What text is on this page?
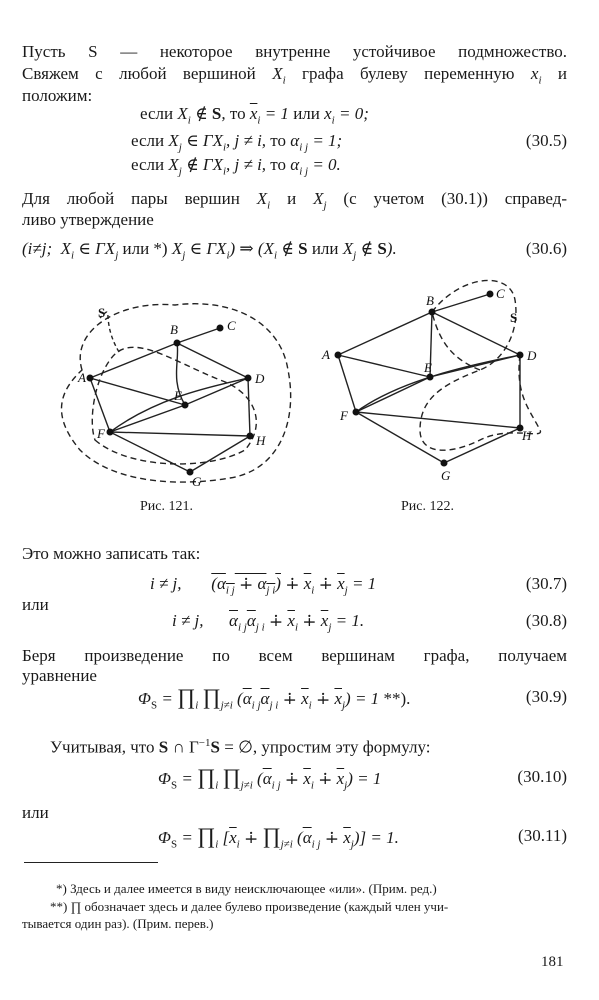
Пусть S — некоторое внутренне устойчивое подмножество.
Свяжем с любой вершиной $X_i$ графа булеву переменную $x_i$ и
положим:
если $X_i$ ∉ S, то $\overline{x}_i = 1$ или $x_i = 0$;
если $X_j$ ∈ $\Gamma X_i$, j ≠ i, то $\alpha_{i j} = 1$;	(30.5)
если $X_j$ ∉ $\Gamma X_i$, j ≠ i, то $\alpha_{i j} = 0$.
Для любой пары вершин $X_i$ и $X_j$ (с учетом (30.1)) справед-
ливо утверждение
(i≠j;  $X_i$ ∈ $\Gamma X_j$ или *) $X_j$ ∈ $\Gamma X_i$) ⇒ ($X_i$ ∉ S или $X_j$ ∉ S).	(30.6)
S
A
B	C
D
E
F
G
H
A
B	C
S
D
E
F
H
G
Рис. 121.	Рис. 122.
Это можно записать так:
i ≠ j,       ($\alpha_{i j}$ ∔ $\alpha_{j i}$) ∔ $\overline{x}_i$ ∔ $\overline{x}_j = 1$	(30.7)
или
i ≠ j,      $\overline{\alpha}_{i j}\overline{\alpha}_{j i}$ ∔ $\overline{x}_i$ ∔ $\overline{x}_j = 1$.	(30.8)
Беря произведение по всем вершинам графа, получаем
уравнение
$\Phi_S$ = $\prod_i$ $\prod_{j\ne i}$ ($\overline{\alpha}_{i j}\overline{\alpha}_{j i}$ ∔ $\overline{x}_i$ ∔ $\overline{x}_j) = 1$ **).	(30.9)
Учитывая, что S ∩ $\Gamma^{-1}S$ = ∅, упростим эту формулу:
$\Phi_S$ = $\prod_i$ $\prod_{j\ne i}$ ($\overline{\alpha}_{i j}$ ∔ $\overline{x}_i$ ∔ $\overline{x}_j) = 1$	(30.10)
или
$\Phi_S$ = $\prod_i$ [$\overline{x}_i$ ∔ $\prod_{j\ne i}$ ($\overline{\alpha}_{i j}$ ∔ $\overline{x}_j)] = 1$.	(30.11)
*) Здесь и далее имеется в виду неисключающее «или». (Прим. ред.)
**) ∏ обозначает здесь и далее булево произведение (каждый член учи-
тывается один раз). (Прим. перев.)
181
